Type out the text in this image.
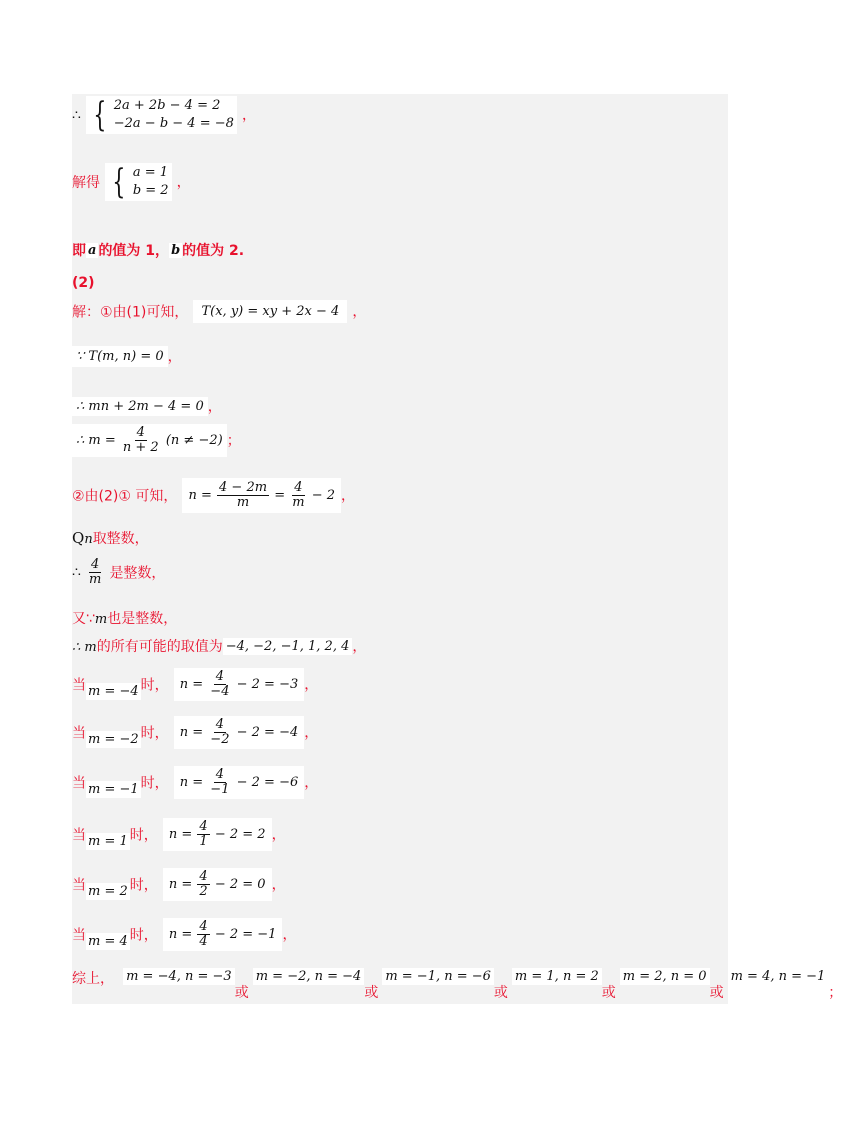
∴ { 2a + 2b − 4 = 2
−2a − b − 4 = −8 ，
解得 { a = 1
b = 2 ，
即 a 的值为 1， b 的值为 2.
(2)
解：①由(1)可知， T(x, y) = xy + 2x − 4 ，
∵ T(m, n) = 0 ，
∴ mn + 2m − 4 = 0 ，
∴ $m = \frac{4}{n + 2} (n \ne -2)$ ；
②由(2)① 可知， $n = \frac{4 - 2m}{m} = \frac{4}{m} - 2$ ，
Qn取整数，
∴ $\frac{4}{m}$ 是整数，
又∵m也是整数，
∴ m的所有可能的取值为 −4, −2, −1, 1, 2, 4 ，
当 m = −4 时， $n = \frac{4}{-4} - 2 = -3$ ，
当 m = −2 时， $n = \frac{4}{-2} - 2 = -4$ ，
当 m = −1 时， $n = \frac{4}{-1} - 2 = -6$ ，
当 m = 1 时， $n = \frac{4}{1} - 2 = 2$ ，
当 m = 2 时， $n = \frac{4}{2} - 2 = 0$ ，
当 m = 4 时， $n = \frac{4}{4} - 2 = -1$ ，
综上， m = −4, n = −3或m = −2, n = −4或m = −1, n = −6或m = 1, n = 2或m = 2, n = 0或m = 4, n = −1；
